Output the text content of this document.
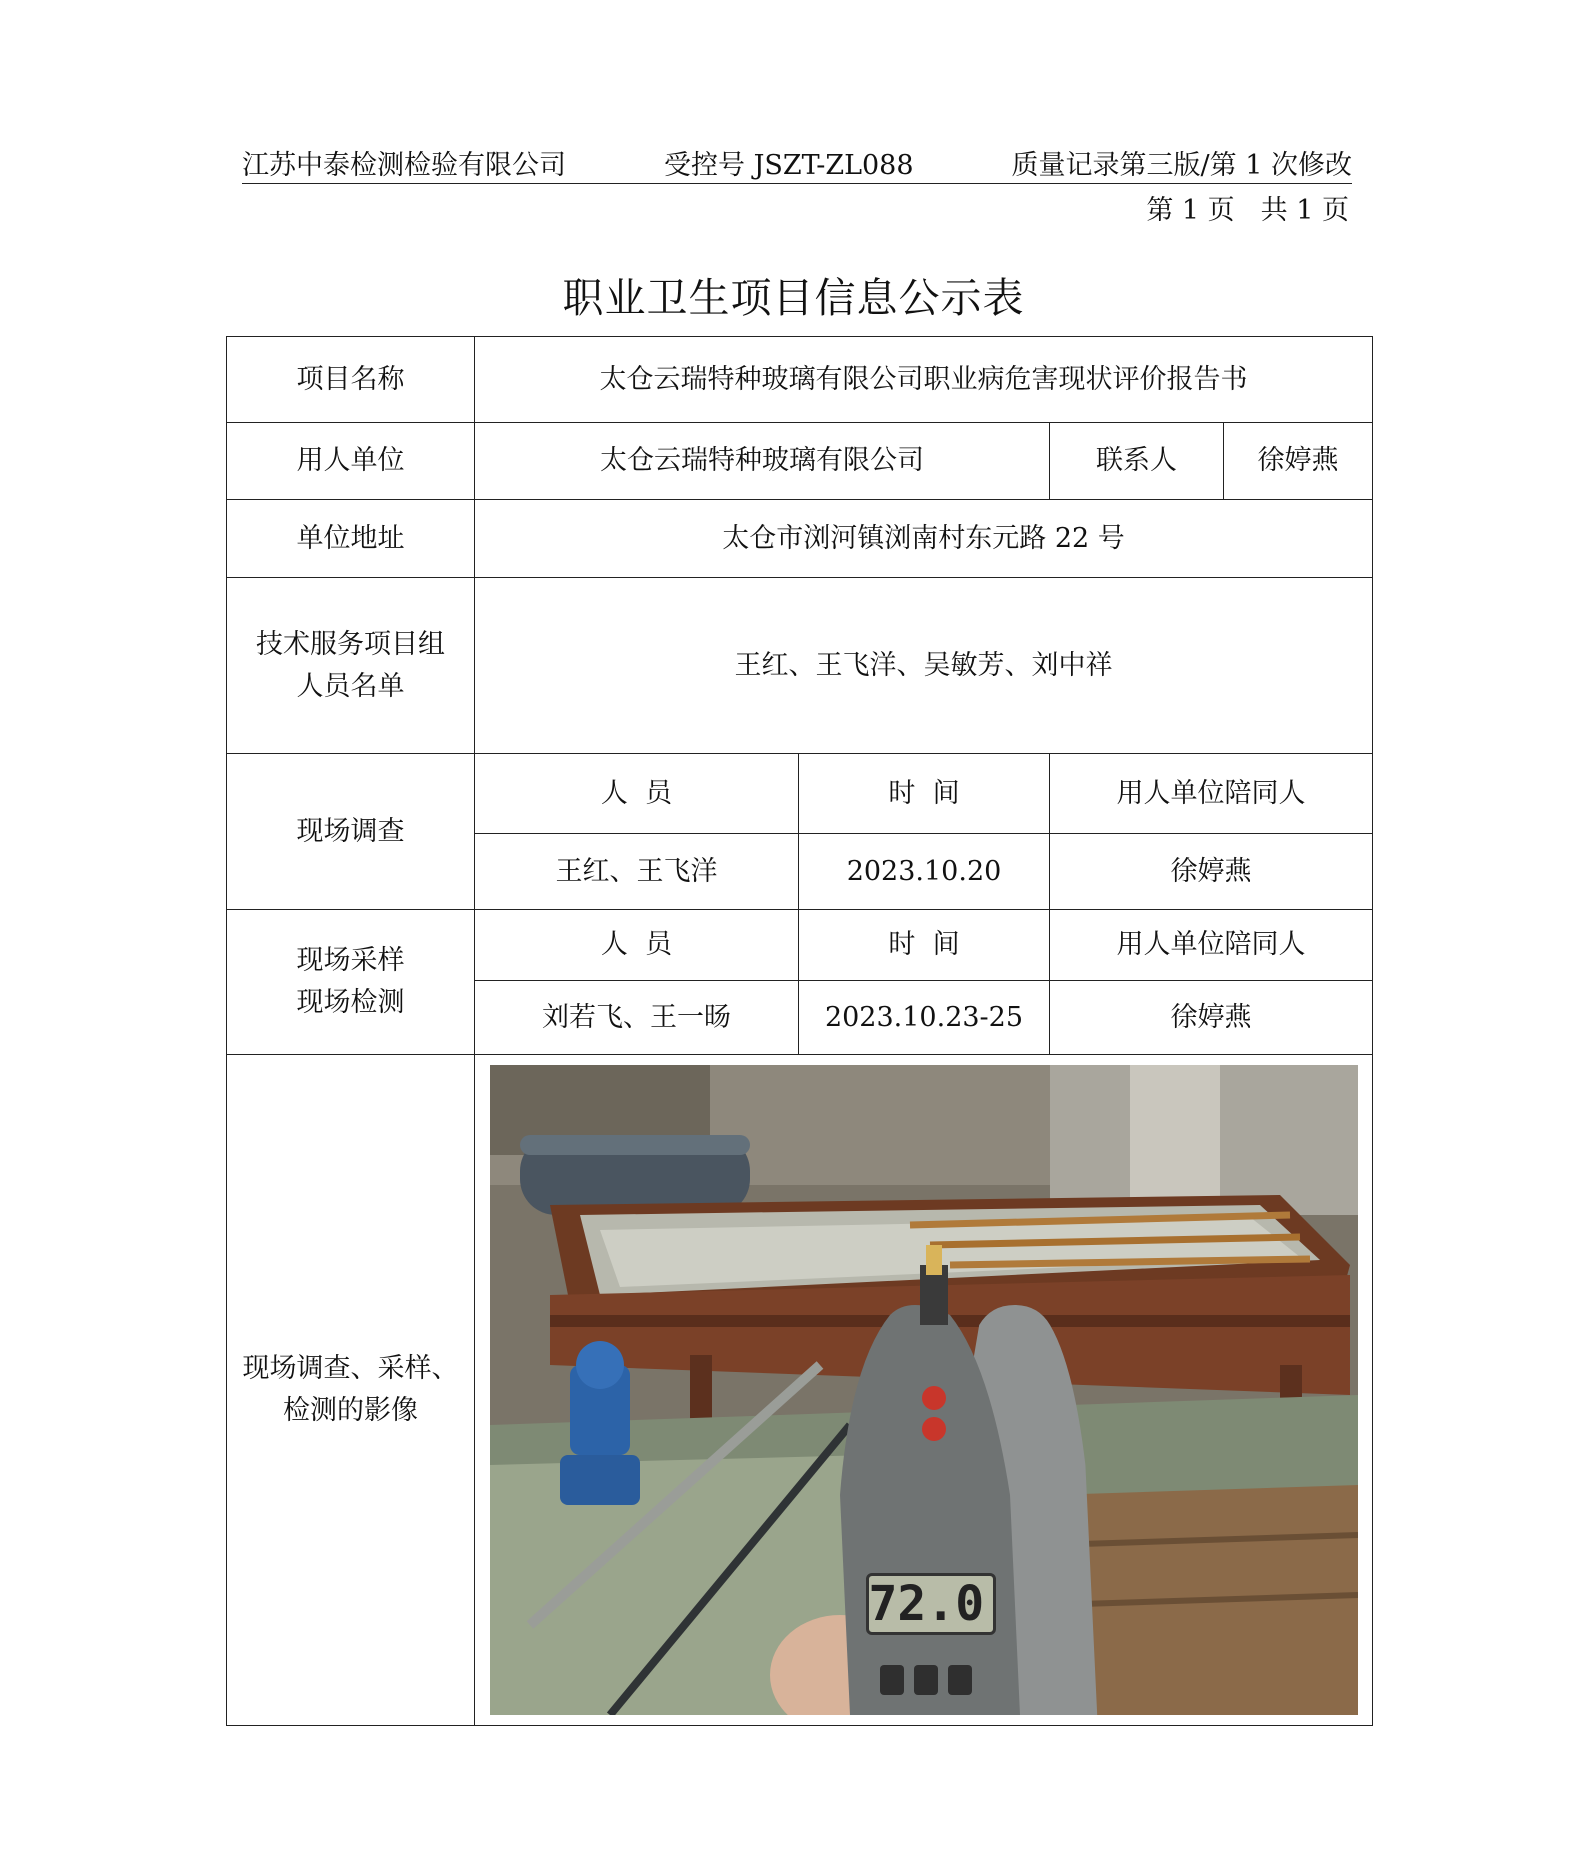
江苏中泰检测检验有限公司	受控号 JSZT-ZL088	质量记录第三版/第 1 次修改
第 1 页 共 1 页
职业卫生项目信息公示表
项目名称	太仓云瑞特种玻璃有限公司职业病危害现状评价报告书			
用人单位	太仓云瑞特种玻璃有限公司		联系人	徐婷燕
单位地址	太仓市浏河镇浏南村东元路 22 号			

技术服务项目组
人员名单	王红、王飞洋、吴敏芳、刘中祥			
现场调查	人  员	时  间	用人单位陪同人	
	王红、王飞洋	2023.10.20	徐婷燕	

现场采样
现场检测	人  员	时  间	用人单位陪同人	
	刘若飞、王一旸	2023.10.23-25	徐婷燕	

现场调查、采样、
检测的影像	72.0			
